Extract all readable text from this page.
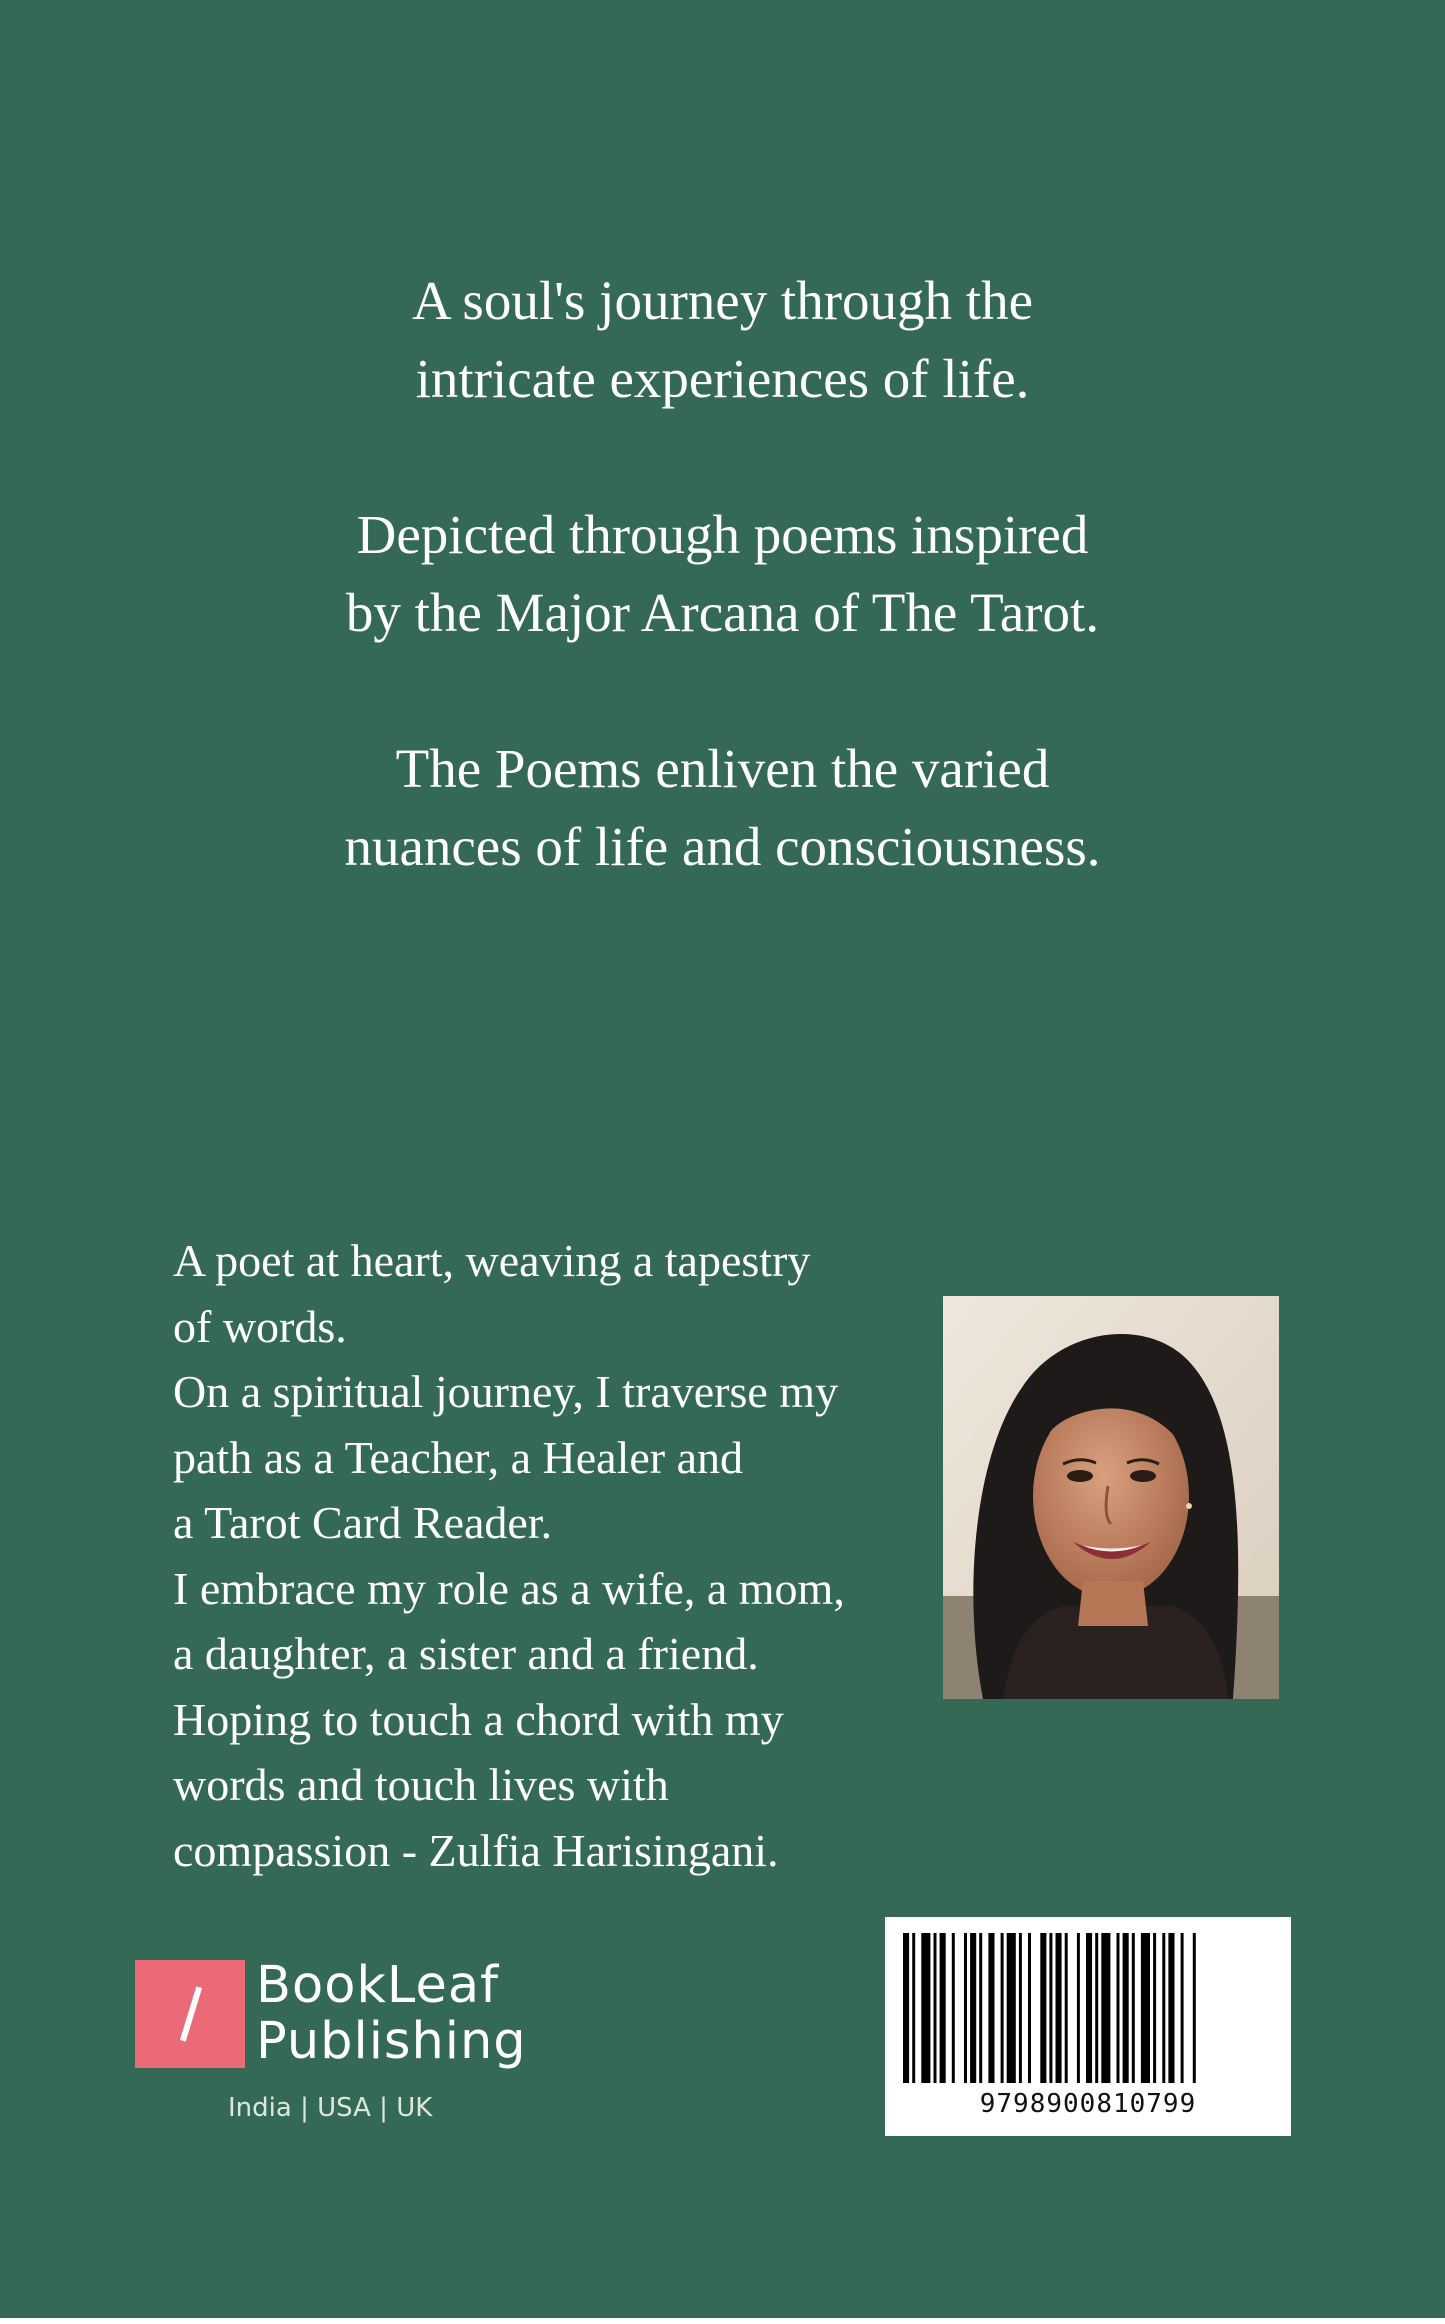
A soul's journey through the
intricate experiences of life.

Depicted through poems inspired
by the Major Arcana of The Tarot.

The Poems enliven the varied
nuances of life and consciousness.

A poet at heart, weaving a tapestry
of words.
On a spiritual journey, I traverse my
path as a Teacher, a Healer and
a Tarot Card Reader.
I embrace my role as a wife, a mom,
a daughter, a sister and a friend.
Hoping to touch a chord with my
words and touch lives with
compassion - Zulfia Harisingani.
BookLeaf
Publishing
India | USA | UK	9798900810799
